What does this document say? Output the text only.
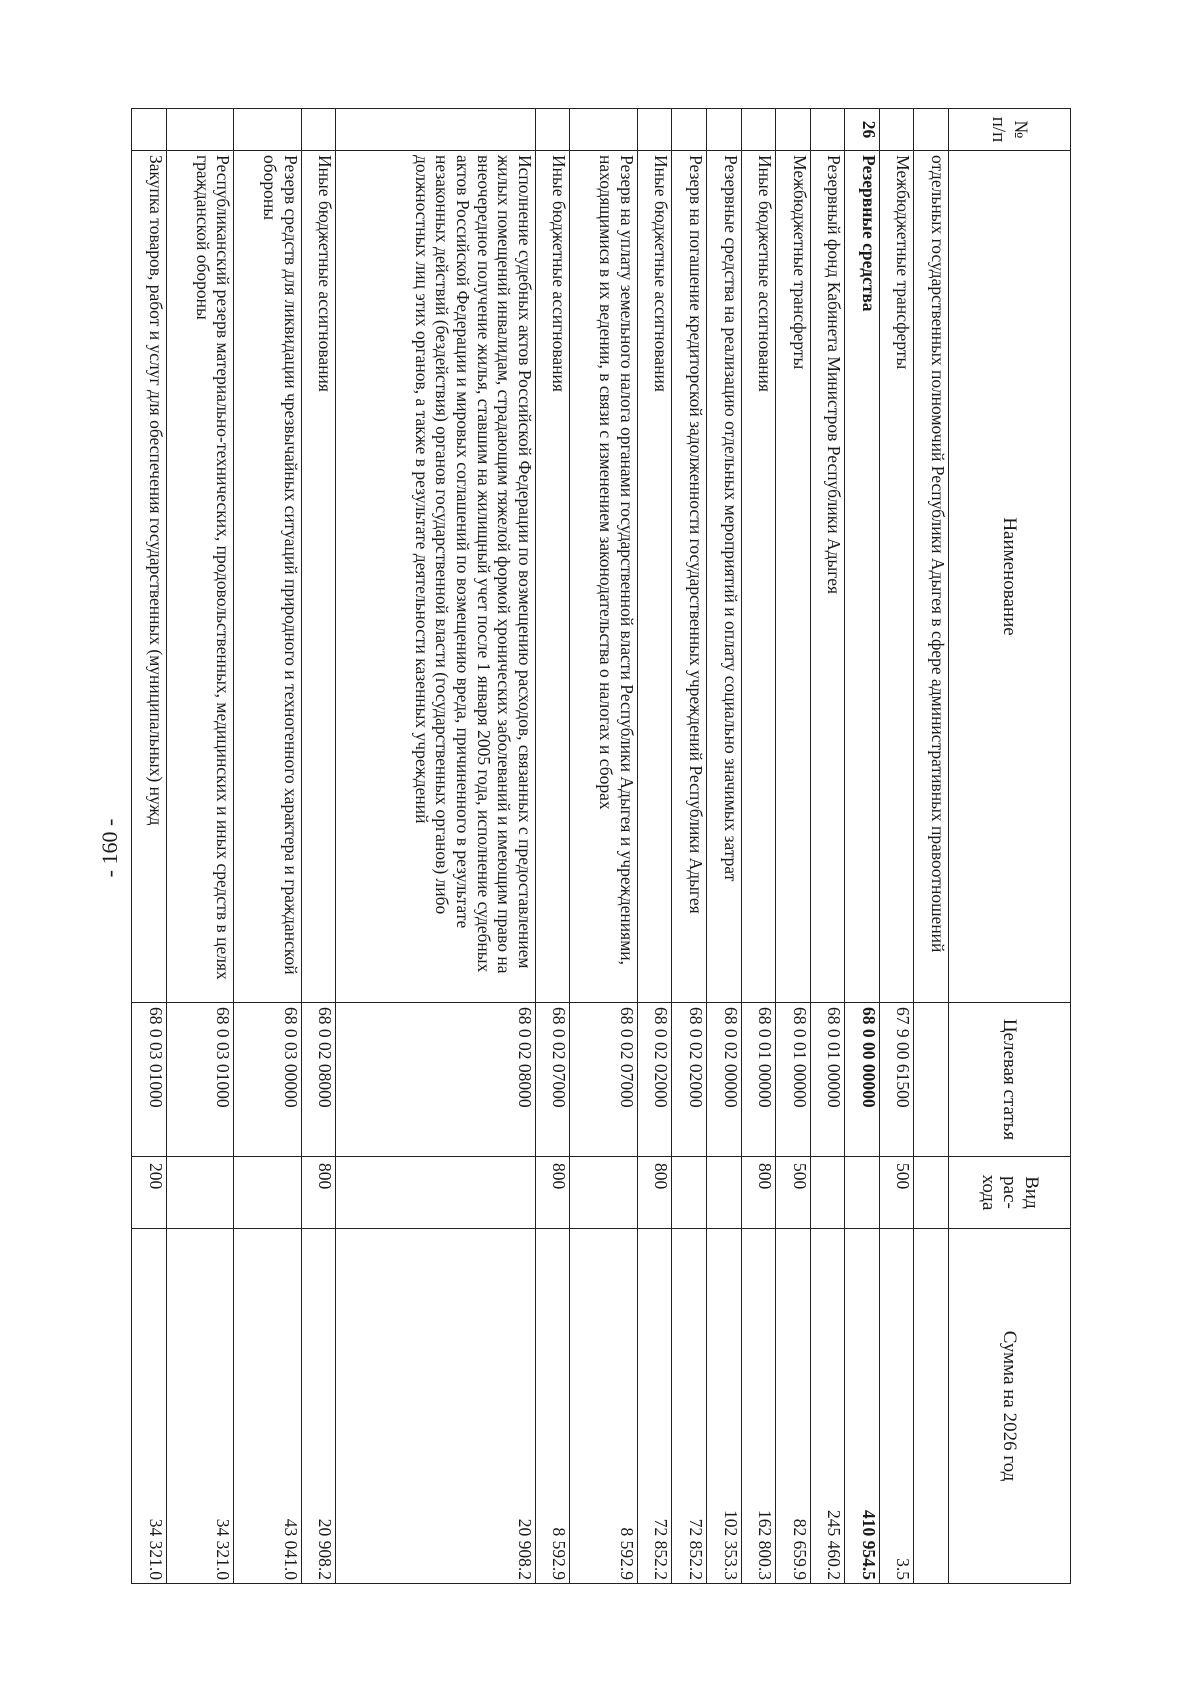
- 160 -
№ п/п	Наименование	Целевая статья	Вид рас-хода	Сумма на 2026 год
	отдельных государственных полномочий Республики Адыгея в сфере административных правоотношений			
	Межбюджетные трансферты	67 9 00 61500	500	3.5
26	Резервные средства	68 0 00 00000		410 954.5
	Резервный фонд Кабинета Министров Республики Адыгея	68 0 01 00000		245 460.2
	Межбюджетные трансферты	68 0 01 00000	500	82 659.9
	Иные бюджетные ассигнования	68 0 01 00000	800	162 800.3
	Резервные средства на реализацию отдельных мероприятий и оплату социально значимых затрат	68 0 02 00000		102 353.3
	Резерв на погашение кредиторской задолженности государственных учреждений Республики Адыгея	68 0 02 02000		72 852.2
	Иные бюджетные ассигнования	68 0 02 02000	800	72 852.2
	Резерв на уплату земельного налога органами государственной власти Республики Адыгея и учреждениями, находящимися в их ведении, в связи с изменением законодательства о налогах и сборах	68 0 02 07000		8 592.9
	Иные бюджетные ассигнования	68 0 02 07000	800	8 592.9
	Исполнение судебных актов Российской Федерации по возмещению расходов, связанных с предоставлением жилых помещений инвалидам, страдающим тяжелой формой хронических заболеваний и имеющим право на внеочередное получение жилья, ставшим на жилищный учет после 1 января 2005 года, исполнение судебных актов Российской Федерации и мировых соглашений по возмещению вреда, причиненного в результате незаконных действий (бездействия) органов государственной власти (государственных органов) либо должностных лиц этих органов, а также в результате деятельности казенных учреждений	68 0 02 08000		20 908.2
	Иные бюджетные ассигнования	68 0 02 08000	800	20 908.2
	Резерв средств для ликвидации чрезвычайных ситуаций природного и техногенного характера и гражданской обороны	68 0 03 00000		43 041.0
	Республиканский резерв материально-технических, продовольственных, медицинских и иных средств в целях гражданской обороны	68 0 03 01000		34 321.0
	Закупка товаров, работ и услуг для обеспечения государственных (муниципальных) нужд	68 0 03 01000	200	34 321.0
